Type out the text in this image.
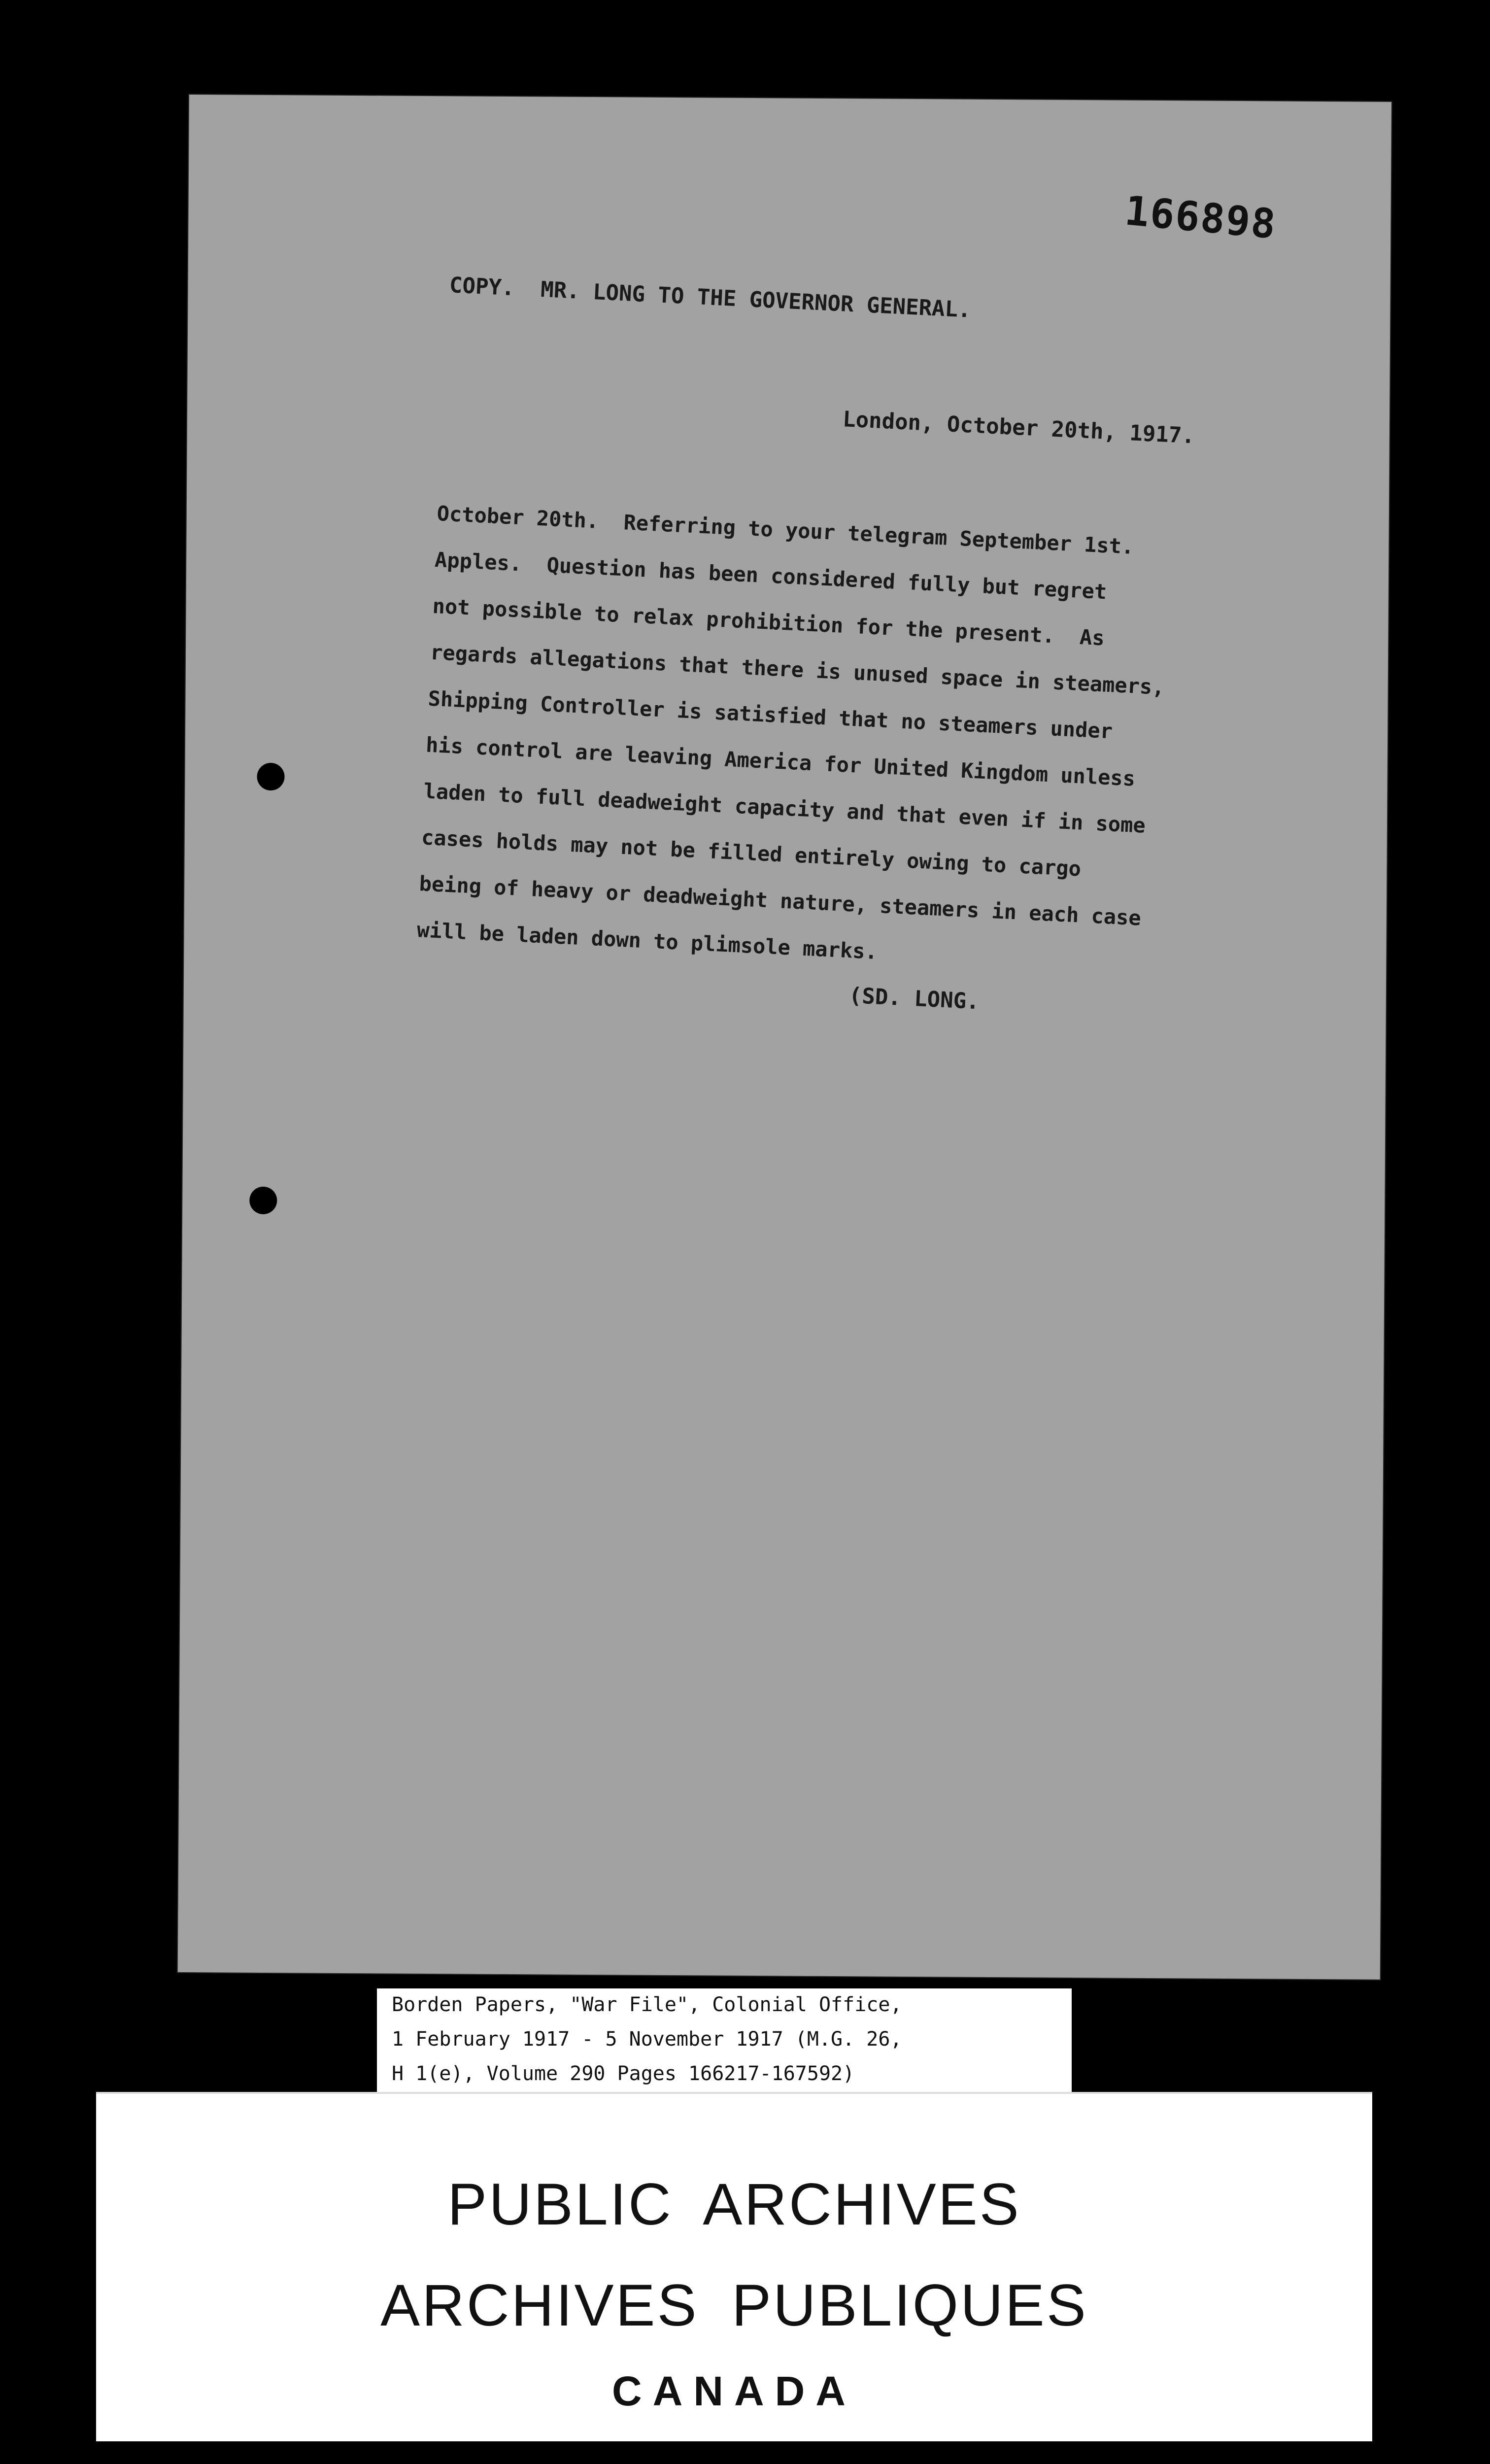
166898
COPY.  MR. LONG TO THE GOVERNOR GENERAL.
London, October 20th, 1917.
October 20th.  Referring to your telegram September 1st.
Apples.  Question has been considered fully but regret
not possible to relax prohibition for the present.  As
regards allegations that there is unused space in steamers,
Shipping Controller is satisfied that no steamers under
his control are leaving America for United Kingdom unless
laden to full deadweight capacity and that even if in some
cases holds may not be filled entirely owing to cargo
being of heavy or deadweight nature, steamers in each case
will be laden down to plimsole marks.
(SD. LONG.
Borden Papers, "War File", Colonial Office,
1 February 1917 - 5 November 1917 (M.G. 26,
H 1(e), Volume 290 Pages 166217-167592)
PUBLIC ARCHIVES
ARCHIVES PUBLIQUES
CANADA
